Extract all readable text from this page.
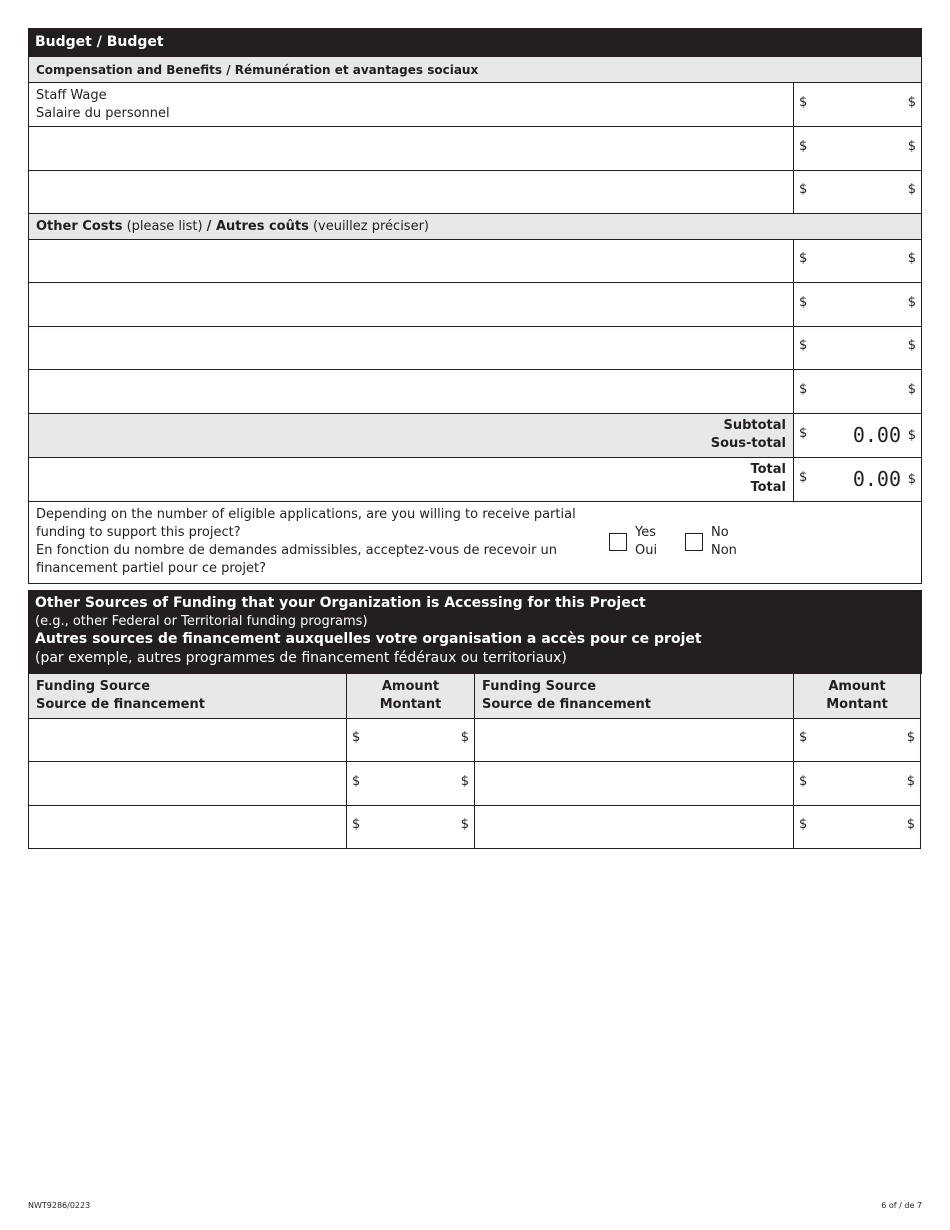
Budget / Budget
Compensation and Benefits / Rémunération et avantages sociaux
Staff Wage
Salaire du personnel
$	$
$	$
$	$
Other Costs (please list) / Autres coûts (veuillez préciser)
$	$
$	$
$	$
$	$
Subtotal
Sous-total
$ 0.00 $
Total
Total
$ 0.00 $
Depending on the number of eligible applications, are you willing to receive partial
funding to support this project?
En fonction du nombre de demandes admissibles, acceptez-vous de recevoir un
financement partiel pour ce projet?
Yes
Oui
No
Non
Other Sources of Funding that your Organization is Accessing for this Project
(e.g., other Federal or Territorial funding programs)
Autres sources de financement auxquelles votre organisation a accès pour ce projet
(par exemple, autres programmes de financement fédéraux ou territoriaux)
Funding Source
Source de financement
Amount
Montant
Funding Source
Source de financement
Amount
Montant
$	$	$	$
$	$	$	$
$	$	$	$
NWT9286/0223	6 of / de 7
